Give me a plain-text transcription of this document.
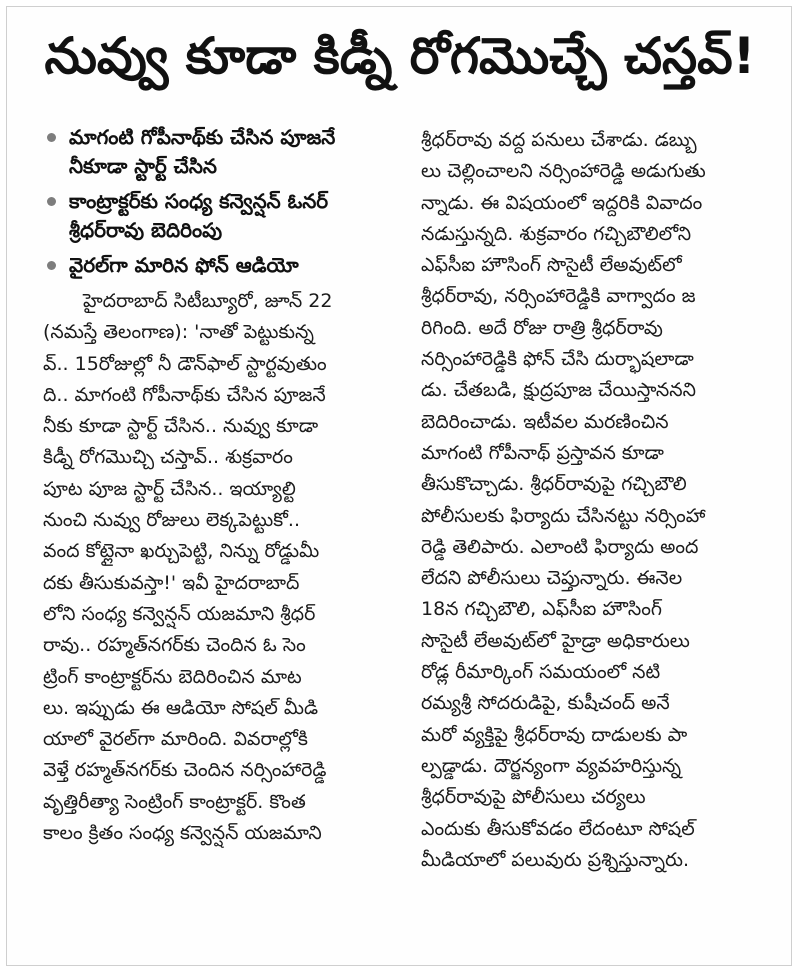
నువ్వు కూడా కిడ్నీ రోగమొచ్చే చస్తవ్!
మాగంటి గోపీనాథ్‌కు చేసిన పూజనే నీకూడా స్టార్ట్ చేసిన
కాంట్రాక్టర్‌కు సంధ్య కన్వెన్షన్ ఓనర్ శ్రీధర్‌రావు బెదిరింపు
వైరల్‌గా మారిన ఫోన్ ఆడియో
హైదరాబాద్ సిటీబ్యూరో, జూన్ 22
(నమస్తే తెలంగాణ): 'నాతో పెట్టుకున్న
వ్.. 15రోజుల్లో నీ డౌన్‌ఫాల్ స్టార్టవుతుం
ది.. మాగంటి గోపీనాథ్‌కు చేసిన పూజనే
నీకు కూడా స్టార్ట్ చేసిన.. నువ్వు కూడా
కిడ్నీ రోగమొచ్చి చస్తావ్.. శుక్రవారం
పూట పూజ స్టార్ట్ చేసిన.. ఇయ్యాల్టి
నుంచి నువ్వు రోజులు లెక్కపెట్టుకో..
వంద కోట్లైనా ఖర్చుపెట్టి, నిన్ను రోడ్డుమీ
దకు తీసుకువస్తా!' ఇవీ హైదరాబాద్
లోని సంధ్య కన్వెన్షన్ యజమాని శ్రీధర్
రావు.. రహ్మత్‌నగర్‌కు చెందిన ఓ సెం
ట్రింగ్ కాంట్రాక్టర్‌ను బెదిరించిన మాట
లు. ఇప్పుడు ఈ ఆడియో సోషల్ మీడి
యాలో వైరల్‌గా మారింది. వివరాల్లోకి
వెళ్తే రహ్మత్‌నగర్‌కు చెందిన నర్సింహారెడ్డి
వృత్తిరీత్యా సెంట్రింగ్ కాంట్రాక్టర్. కొంత
కాలం క్రితం సంధ్య కన్వెన్షన్ యజమాని
శ్రీధర్‌రావు వద్ద పనులు చేశాడు. డబ్బు
లు చెల్లించాలని నర్సింహారెడ్డి అడుగుతు
న్నాడు. ఈ విషయంలో ఇద్దరికి వివాదం
నడుస్తున్నది. శుక్రవారం గచ్చిబౌలిలోని
ఎఫ్‌సీఐ హౌసింగ్ సొసైటీ లేఅవుట్‌లో
శ్రీధర్‌రావు, నర్సింహారెడ్డికి వాగ్వాదం జ
రిగింది. అదే రోజు రాత్రి శ్రీధర్‌రావు
నర్సింహారెడ్డికి ఫోన్ చేసి దుర్భాషలాడా
డు. చేతబడి, క్షుద్రపూజ చేయిస్తాననని
బెదిరించాడు. ఇటీవల మరణించిన
మాగంటి గోపీనాథ్ ప్రస్తావన కూడా
తీసుకొచ్చాడు. శ్రీధర్‌రావుపై గచ్చిబౌలి
పోలీసులకు ఫిర్యాదు చేసినట్టు నర్సింహా
రెడ్డి తెలిపారు. ఎలాంటి ఫిర్యాదు అంద
లేదని పోలీసులు చెప్తున్నారు. ఈనెల
18న గచ్చిబౌలి, ఎఫ్‌సీఐ హౌసింగ్
సొసైటీ లేఅవుట్‌లో హైడ్రా అధికారులు
రోడ్ల రీమార్కింగ్ సమయంలో నటి
రమ్యశ్రీ సోదరుడిపై, కుషీచంద్ అనే
మరో వ్యక్తిపై శ్రీధర్‌రావు దాడులకు పా
ల్పడ్డాడు. దౌర్జన్యంగా వ్యవహరిస్తున్న
శ్రీధర్‌రావుపై పోలీసులు చర్యలు
ఎందుకు తీసుకోవడం లేదంటూ సోషల్
మీడియాలో పలువురు ప్రశ్నిస్తున్నారు.
